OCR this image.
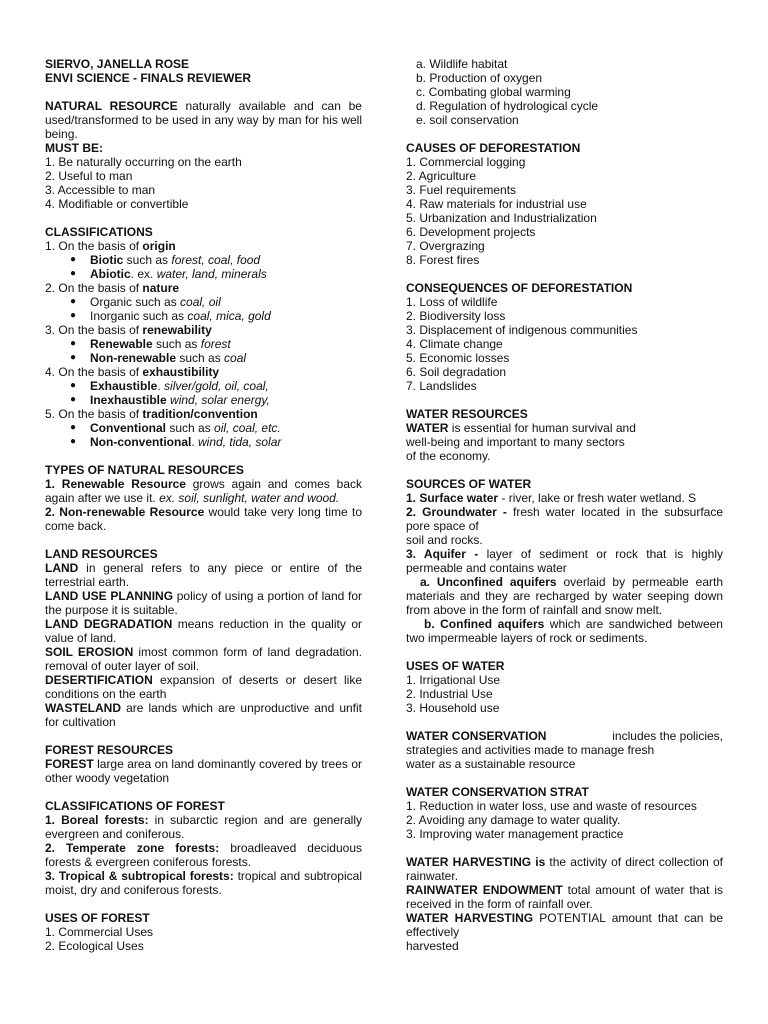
SIERVO, JANELLA ROSE
ENVI SCIENCE - FINALS REVIEWER
NATURAL RESOURCE naturally available and can be used/transformed to be used in any way by man for his well being.
MUST BE:
1. Be naturally occurring on the earth
2. Useful to man
3. Accessible to man
4. Modifiable or convertible
CLASSIFICATIONS
1. On the basis of origin
● Biotic such as forest, coal, food
● Abiotic. ex. water, land, minerals
2. On the basis of nature
● Organic such as coal, oil
● Inorganic such as coal, mica, gold
3. On the basis of renewability
● Renewable such as forest
● Non-renewable such as coal
4. On the basis of exhaustibility
● Exhaustible. silver/gold, oil, coal,
● Inexhaustible wind, solar energy,
5. On the basis of tradition/convention
● Conventional such as oil, coal, etc.
● Non-conventional. wind, tida, solar
TYPES OF NATURAL RESOURCES
1. Renewable Resource grows again and comes back again after we use it. ex. soil, sunlight, water and wood.
2. Non-renewable Resource would take very long time to come back.
LAND RESOURCES
LAND in general refers to any piece or entire of the terrestrial earth.
LAND USE PLANNING policy of using a portion of land for the purpose it is suitable.
LAND DEGRADATION means reduction in the quality or value of land.
SOIL EROSION imost common form of land degradation. removal of outer layer of soil.
DESERTIFICATION expansion of deserts or desert like conditions on the earth
WASTELAND are lands which are unproductive and unfit for cultivation
FOREST RESOURCES
FOREST large area on land dominantly covered by trees or other woody vegetation
CLASSIFICATIONS OF FOREST
1. Boreal forests: in subarctic region and are generally evergreen and coniferous.
2. Temperate zone forests: broadleaved deciduous forests & evergreen coniferous forests.
3. Tropical & subtropical forests: tropical and subtropical moist, dry and coniferous forests.
USES OF FOREST
1. Commercial Uses
2. Ecological Uses
a. Wildlife habitat
b. Production of oxygen
c. Combating global warming
d. Regulation of hydrological cycle
e. soil conservation
CAUSES OF DEFORESTATION
1. Commercial logging
2. Agriculture
3. Fuel requirements
4. Raw materials for industrial use
5. Urbanization and Industrialization
6. Development projects
7. Overgrazing
8. Forest fires
CONSEQUENCES OF DEFORESTATION
1. Loss of wildlife
2. Biodiversity loss
3. Displacement of indigenous communities
4. Climate change
5. Economic losses
6. Soil degradation
7. Landslides
WATER RESOURCES
WATER is essential for human survival and
well-being and important to many sectors
of the economy.
SOURCES OF WATER
1. Surface water - river, lake or fresh water wetland. S
2. Groundwater - fresh water located in the subsurface pore space of
soil and rocks.
3. Aquifer - layer of sediment or rock that is highly permeable and contains water
a. Unconfined aquifers overlaid by permeable earth materials and they are recharged by water seeping down from above in the form of rainfall and snow melt.
b. Confined aquifers which are sandwiched between two impermeable layers of rock or sediments.
USES OF WATER
1. Irrigational Use
2. Industrial Use
3. Household use
WATER CONSERVATION	includes the policies,
strategies and activities made to manage fresh
water as a sustainable resource
WATER CONSERVATION STRAT
1. Reduction in water loss, use and waste of resources
2. Avoiding any damage to water quality.
3. Improving water management practice
WATER HARVESTING is the activity of direct collection of rainwater.
RAINWATER ENDOWMENT total amount of water that is received in the form of rainfall over.
WATER HARVESTING POTENTIAL amount that can be effectively
harvested
